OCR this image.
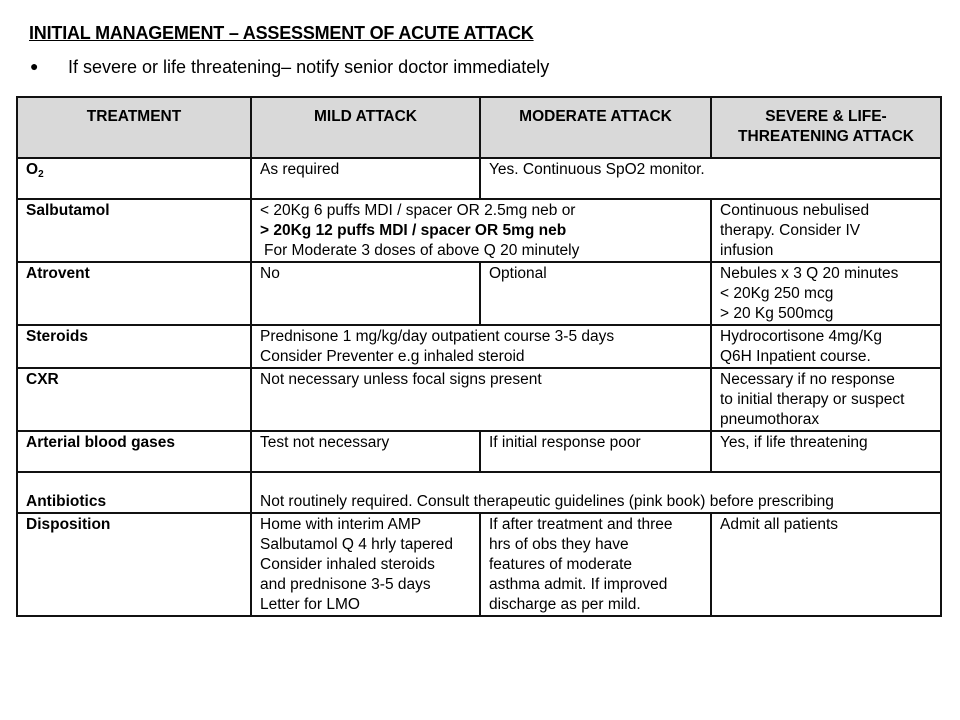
INITIAL MANAGEMENT – ASSESSMENT OF ACUTE ATTACK
● If severe or life threatening– notify senior doctor immediately
TREATMENT	MILD ATTACK	MODERATE ATTACK	SEVERE & LIFE-
THREATENING ATTACK
$O_2$	As required	Yes. Continuous SpO2 monitor.	
Salbutamol	< 20Kg 6 puffs MDI / spacer OR 2.5mg neb or
> 20Kg 12 puffs MDI / spacer OR 5mg neb
For Moderate 3 doses of above Q 20 minutely		Continuous nebulised
therapy. Consider IV
infusion
Atrovent	No	Optional	Nebules x 3 Q 20 minutes
< 20Kg 250 mcg
> 20 Kg 500mcg
Steroids	Prednisone 1 mg/kg/day outpatient course 3-5 days
Consider Preventer e.g inhaled steroid		Hydrocortisone 4mg/Kg
Q6H Inpatient course.
CXR	Not necessary unless focal signs present		Necessary if no response
to initial therapy or suspect
pneumothorax
Arterial blood gases	Test not necessary	If initial response poor	Yes, if life threatening
Antibiotics	Not routinely required. Consult therapeutic guidelines (pink book) before prescribing		
Disposition	Home with interim AMP
Salbutamol Q 4 hrly tapered
Consider inhaled steroids
and prednisone 3-5 days
Letter for LMO	If after treatment and three
hrs of obs they have
features of moderate
asthma admit. If improved
discharge as per mild.	Admit all patients
